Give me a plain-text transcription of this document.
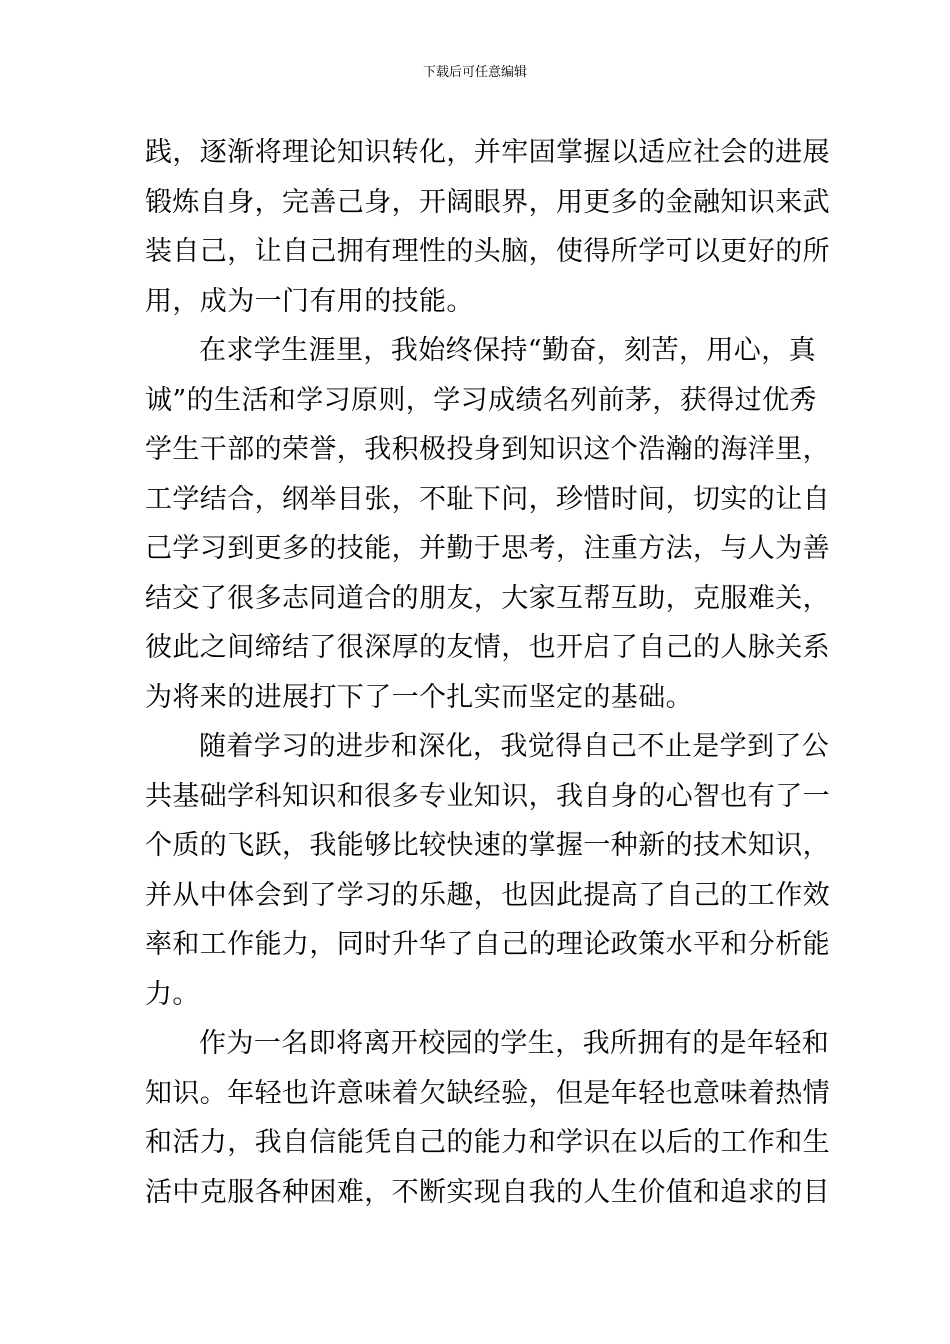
下载后可任意编辑
践，逐渐将理论知识转化，并牢固掌握以适应社会的进展
锻炼自身，完善己身，开阔眼界，用更多的金融知识来武
装自己，让自己拥有理性的头脑，使得所学可以更好的所
用，成为一门有用的技能。
在求学生涯里，我始终保持“勤奋，刻苦，用心，真
诚”的生活和学习原则，学习成绩名列前茅，获得过优秀
学生干部的荣誉，我积极投身到知识这个浩瀚的海洋里，
工学结合，纲举目张，不耻下问，珍惜时间，切实的让自
己学习到更多的技能，并勤于思考，注重方法，与人为善
结交了很多志同道合的朋友，大家互帮互助，克服难关，
彼此之间缔结了很深厚的友情，也开启了自己的人脉关系
为将来的进展打下了一个扎实而坚定的基础。
随着学习的进步和深化，我觉得自己不止是学到了公
共基础学科知识和很多专业知识，我自身的心智也有了一
个质的飞跃，我能够比较快速的掌握一种新的技术知识，
并从中体会到了学习的乐趣，也因此提高了自己的工作效
率和工作能力，同时升华了自己的理论政策水平和分析能
力。
作为一名即将离开校园的学生，我所拥有的是年轻和
知识。年轻也许意味着欠缺经验，但是年轻也意味着热情
和活力，我自信能凭自己的能力和学识在以后的工作和生
活中克服各种困难，不断实现自我的人生价值和追求的目
